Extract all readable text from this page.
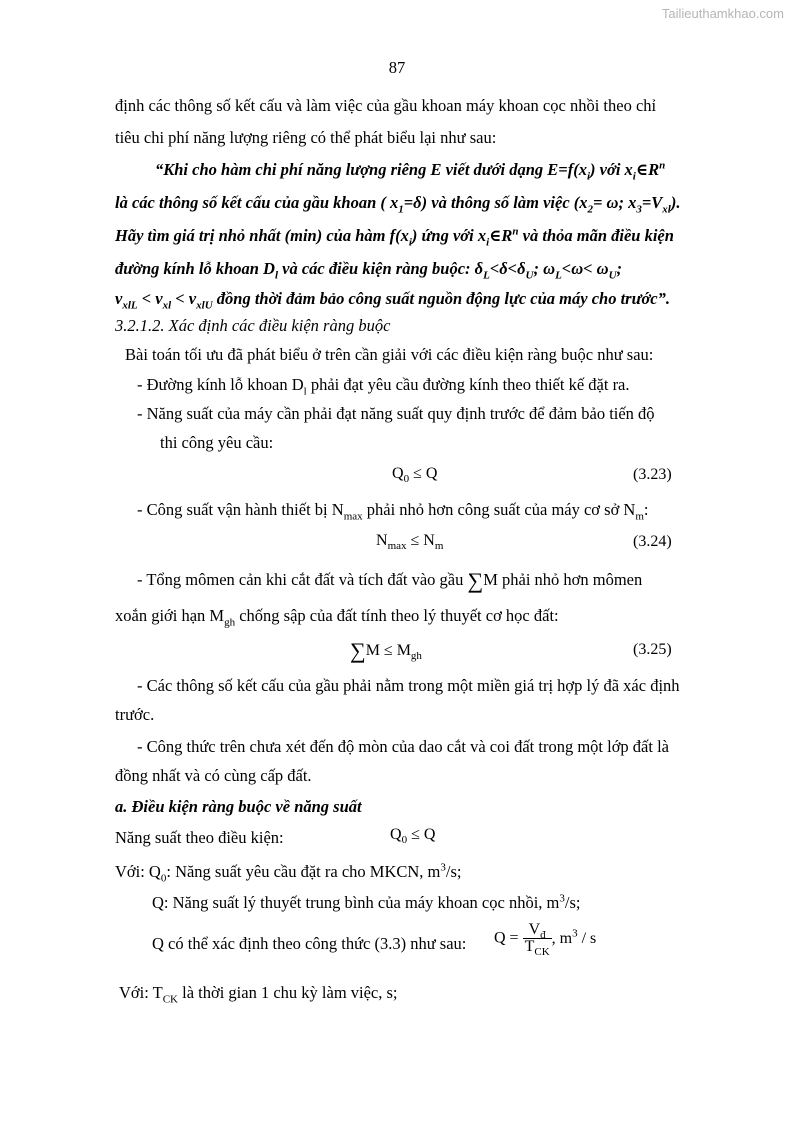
Tailieuthamkhao.com
87
định các thông số kết cấu và làm việc của gầu khoan máy khoan cọc nhồi theo chỉ
tiêu chi phí năng lượng riêng có thể phát biểu lại như sau:
“Khi cho hàm chi phí năng lượng riêng E viết dưới dạng $E=f(x_i)$ với $x_i\in R^n$
là các thông số kết cấu của gầu khoan ( $x_1=\delta$) và thông số làm việc ($x_2= \omega$; $x_3=V_{xl}$).
Hãy tìm giá trị nhỏ nhất (min) của hàm $f(x_i)$ ứng với $x_i\in R^n$ và thỏa mãn điều kiện
đường kính lỗ khoan $D_l$ và các điều kiện ràng buộc: $\delta_L<\delta<\delta_U$; $\omega_L<\omega< \omega_U$;
$v_{xlL} < v_{xl} < v_{xlU}$ đồng thời đảm bảo công suất nguồn động lực của máy cho trước”.
3.2.1.2. Xác định các điều kiện ràng buộc
Bài toán tối ưu đã phát biểu ở trên cần giải với các điều kiện ràng buộc như sau:
- Đường kính lỗ khoan $D_l$ phải đạt yêu cầu đường kính theo thiết kế đặt ra.
- Năng suất của máy cần phải đạt năng suất quy định trước để đảm bảo tiến độ
thi công yêu cầu:
$Q_0 \le Q$	(3.23)
- Công suất vận hành thiết bị $N_{max}$ phải nhỏ hơn công suất của máy cơ sở $N_m$:
$N_{max} \le N_m$	(3.24)
- Tổng mômen cản khi cắt đất và tích đất vào gầu ∑M phải nhỏ hơn mômen
xoắn giới hạn $M_{gh}$ chống sập của đất tính theo lý thuyết cơ học đất:
$\sum M \le M_{gh}$	(3.25)
- Các thông số kết cấu của gầu phải nằm trong một miền giá trị hợp lý đã xác định
trước.
- Công thức trên chưa xét đến độ mòn của dao cắt và coi đất trong một lớp đất là
đồng nhất và có cùng cấp đất.
a. Điều kiện ràng buộc về năng suất
Năng suất theo điều kiện:	$Q_0 \le Q$
Với: $Q_0$: Năng suất yêu cầu đặt ra cho MKCN, $m^3/s$;
Q: Năng suất lý thuyết trung bình của máy khoan cọc nhồi, $m^3/s$;
Q có thể xác định theo công thức (3.3) như sau: $Q = \frac{V_đ}{T_{CK}}$ , $m^3$ / s
Với: $T_{CK}$ là thời gian 1 chu kỳ làm việc, s;
